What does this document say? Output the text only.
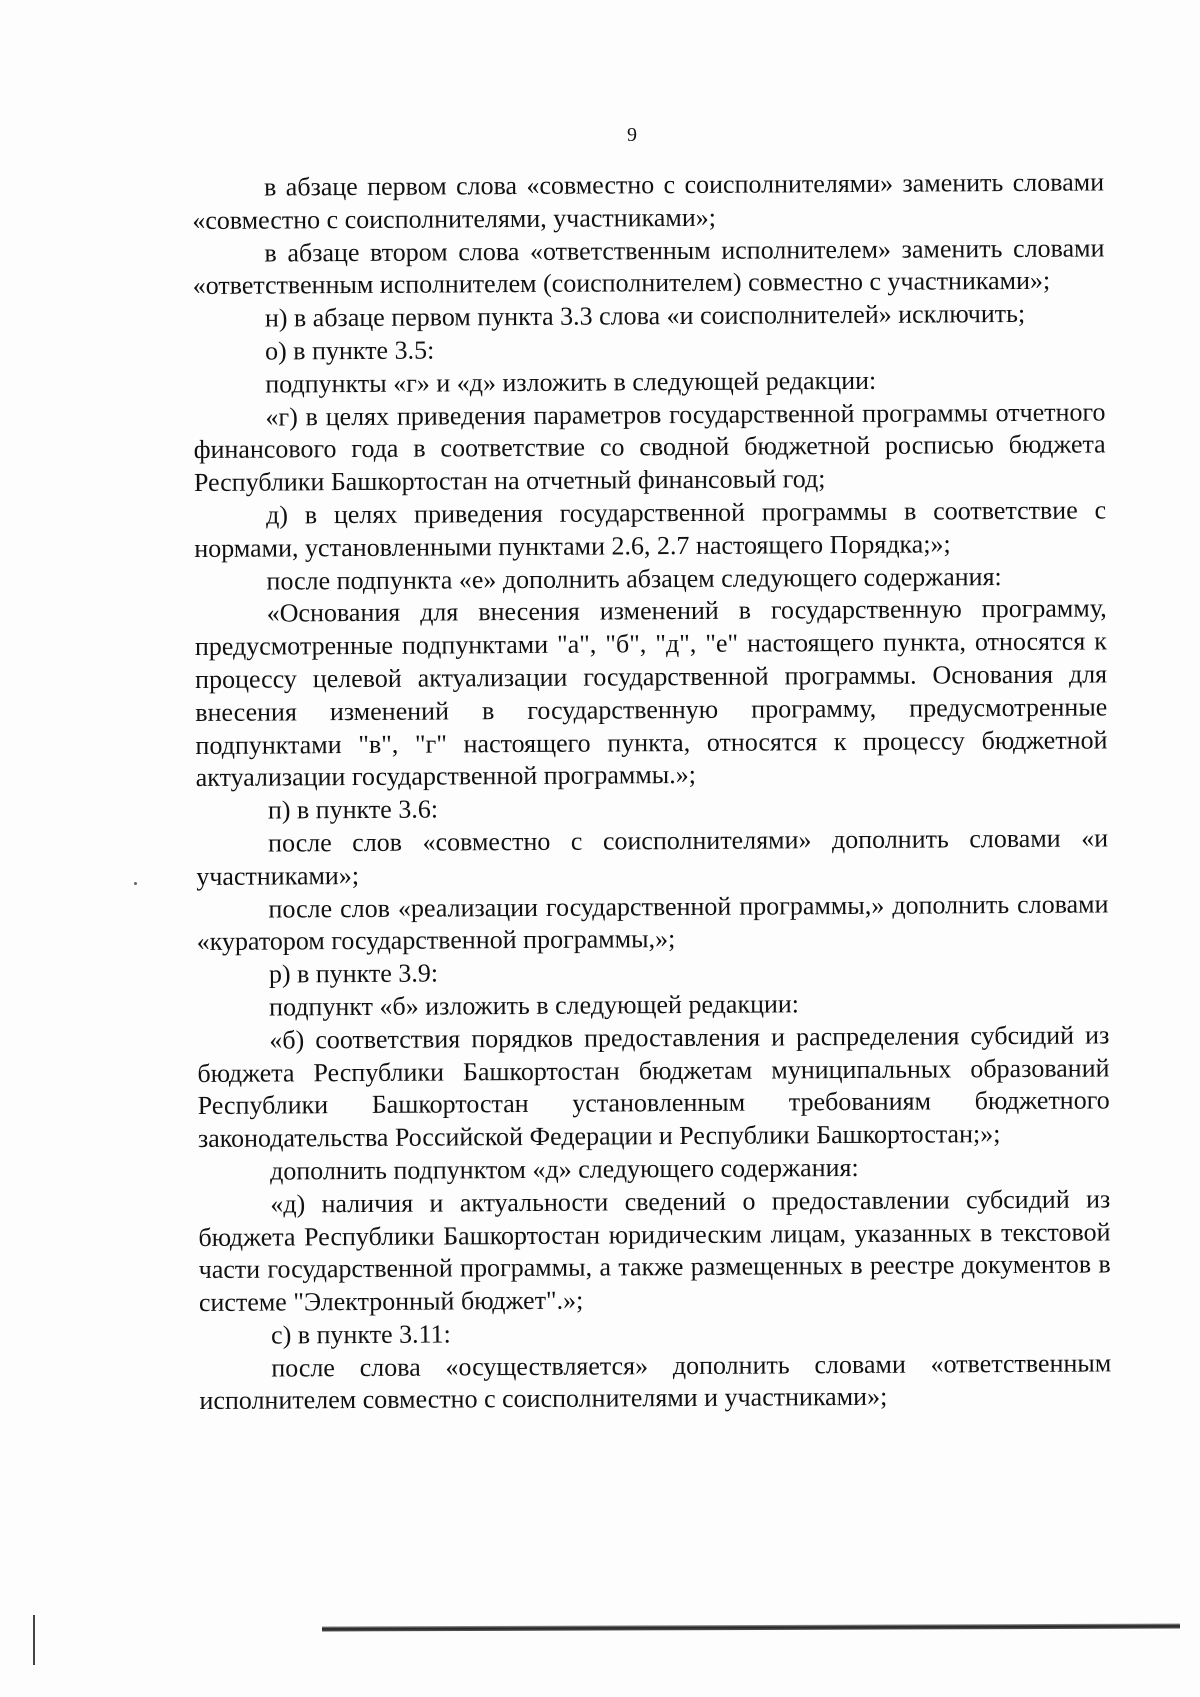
9

в абзаце первом слова «совместно с соисполнителями» заменить словами «совместно с соисполнителями, участниками»;

в абзаце втором слова «ответственным исполнителем» заменить словами «ответственным исполнителем (соисполнителем) совместно с участниками»;

н) в абзаце первом пункта 3.3 слова «и соисполнителей» исключить;

о) в пункте 3.5:

подпункты «г» и «д» изложить в следующей редакции:

«г) в целях приведения параметров государственной программы отчетного финансового года в соответствие со сводной бюджетной росписью бюджета Республики Башкортостан на отчетный финансовый год;

д) в целях приведения государственной программы в соответствие с нормами, установленными пунктами 2.6, 2.7 настоящего Порядка;»;

после подпункта «е» дополнить абзацем следующего содержания:

«Основания для внесения изменений в государственную программу, предусмотренные подпунктами "а", "б", "д", "е" настоящего пункта, относятся к процессу целевой актуализации государственной программы. Основания для внесения изменений в государственную программу, предусмотренные подпунктами "в", "г" настоящего пункта, относятся к процессу бюджетной актуализации государственной программы.»;

п) в пункте 3.6:

после слов «совместно с соисполнителями» дополнить словами «и участниками»;

после слов «реализации государственной программы,» дополнить словами «куратором государственной программы,»;

р) в пункте 3.9:

подпункт «б» изложить в следующей редакции:

«б) соответствия порядков предоставления и распределения субсидий из бюджета Республики Башкортостан бюджетам муниципальных образований Республики Башкортостан установленным требованиям бюджетного законодательства Российской Федерации и Республики Башкортостан;»;

дополнить подпунктом «д» следующего содержания:

«д) наличия и актуальности сведений о предоставлении субсидий из бюджета Республики Башкортостан юридическим лицам, указанных в текстовой части государственной программы, а также размещенных в реестре документов в системе "Электронный бюджет".»;

с) в пункте 3.11:

после слова «осуществляется» дополнить словами «ответственным исполнителем совместно с соисполнителями и участниками»;
